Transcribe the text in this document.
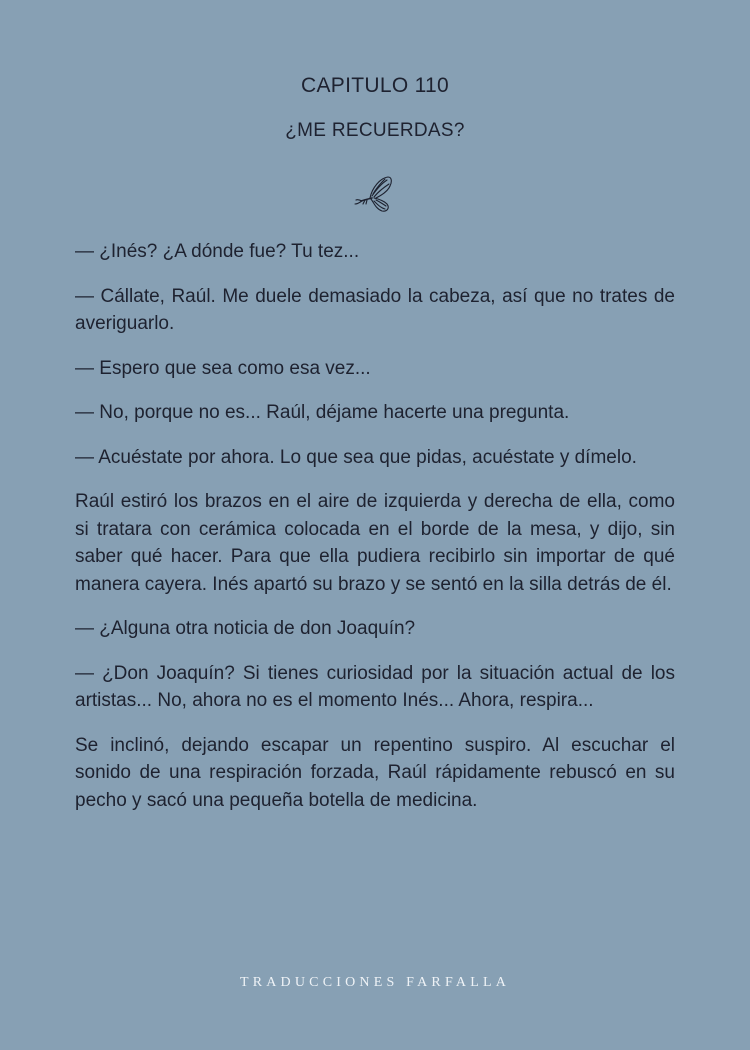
CAPITULO 110
¿ME RECUERDAS?

— ¿Inés? ¿A dónde fue? Tu tez...

— Cállate, Raúl. Me duele demasiado la cabeza, así que no trates de averiguarlo.

— Espero que sea como esa vez...

— No, porque no es... Raúl, déjame hacerte una pregunta.

— Acuéstate por ahora. Lo que sea que pidas, acuéstate y dímelo.

Raúl estiró los brazos en el aire de izquierda y derecha de ella, como si tratara con cerámica colocada en el borde de la mesa, y dijo, sin saber qué hacer. Para que ella pudiera recibirlo sin importar de qué manera cayera. Inés apartó su brazo y se sentó en la silla detrás de él.

— ¿Alguna otra noticia de don Joaquín?

— ¿Don Joaquín? Si tienes curiosidad por la situación actual de los artistas... No, ahora no es el momento Inés... Ahora, respira...

Se inclinó, dejando escapar un repentino suspiro. Al escuchar el sonido de una respiración forzada, Raúl rápidamente rebuscó en su pecho y sacó una pequeña botella de medicina.

TRADUCCIONES FARFALLA
